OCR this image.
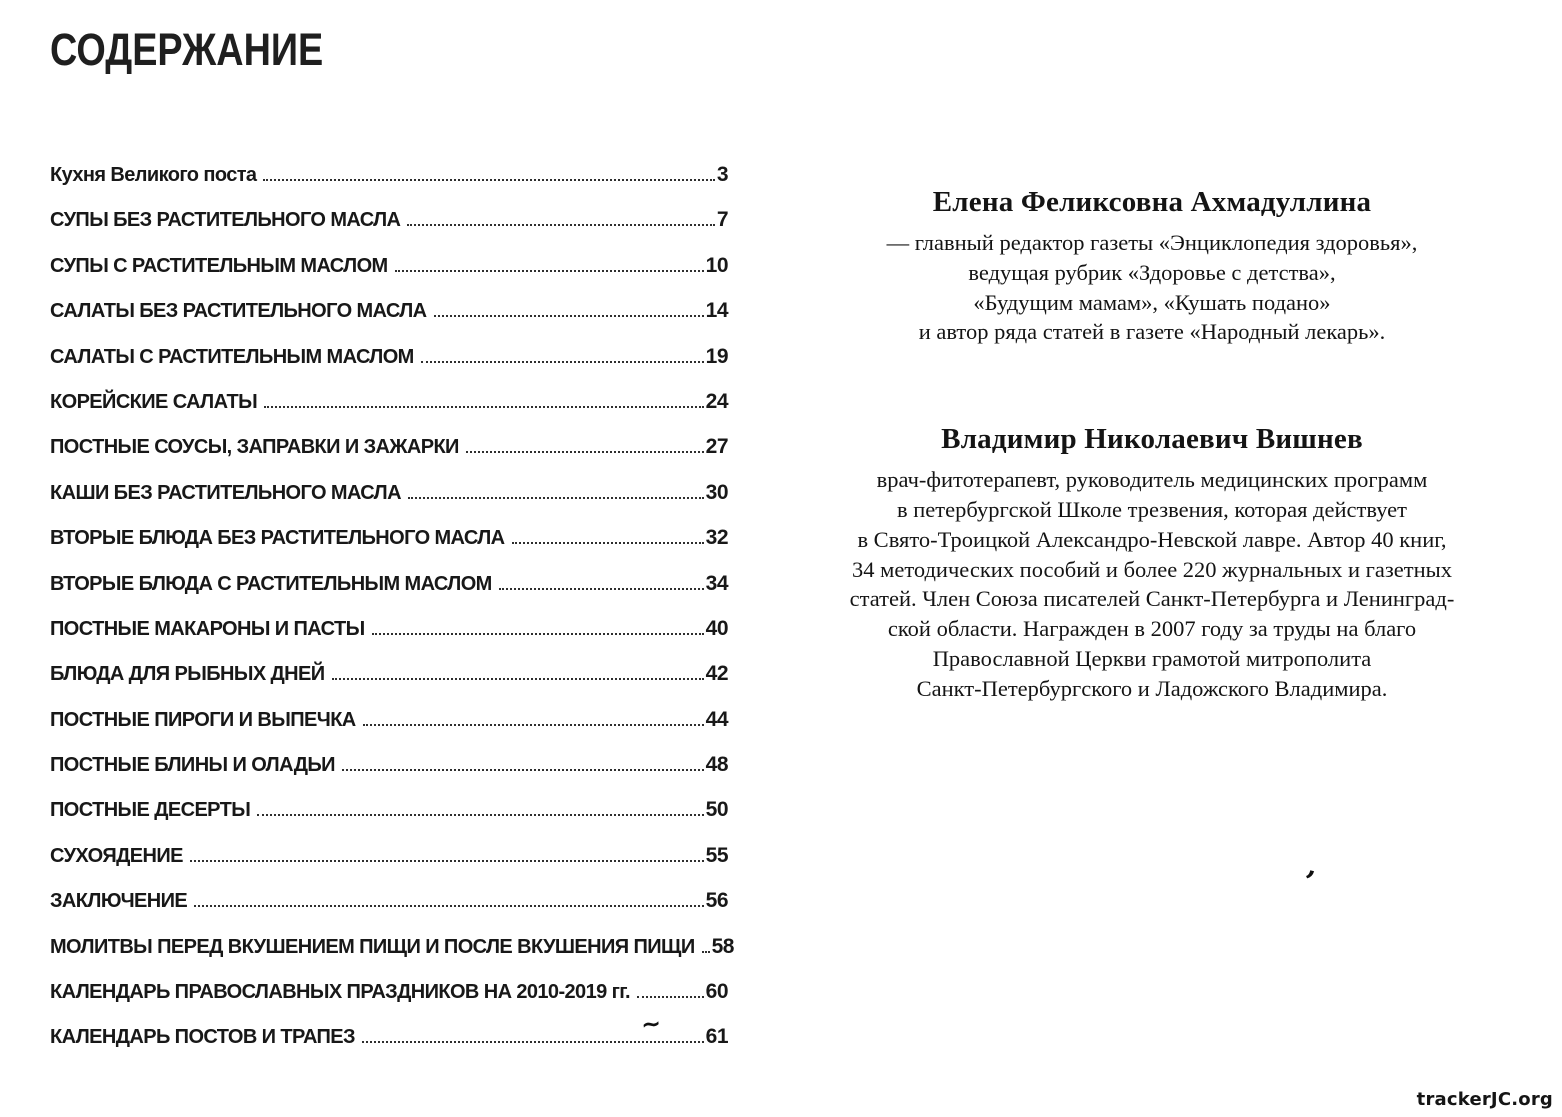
СОДЕРЖАНИЕ
Кухня Великого поста	3
СУПЫ БЕЗ РАСТИТЕЛЬНОГО МАСЛА	7
СУПЫ С РАСТИТЕЛЬНЫМ МАСЛОМ	10
САЛАТЫ БЕЗ РАСТИТЕЛЬНОГО МАСЛА	14
САЛАТЫ С РАСТИТЕЛЬНЫМ МАСЛОМ	19
КОРЕЙСКИЕ САЛАТЫ	24
ПОСТНЫЕ СОУСЫ, ЗАПРАВКИ И ЗАЖАРКИ	27
КАШИ БЕЗ РАСТИТЕЛЬНОГО МАСЛА	30
ВТОРЫЕ БЛЮДА БЕЗ РАСТИТЕЛЬНОГО МАСЛА	32
ВТОРЫЕ БЛЮДА С РАСТИТЕЛЬНЫМ МАСЛОМ	34
ПОСТНЫЕ МАКАРОНЫ И ПАСТЫ	40
БЛЮДА ДЛЯ РЫБНЫХ ДНЕЙ	42
ПОСТНЫЕ ПИРОГИ И ВЫПЕЧКА	44
ПОСТНЫЕ БЛИНЫ И ОЛАДЬИ	48
ПОСТНЫЕ ДЕСЕРТЫ	50
СУХОЯДЕНИЕ	55
ЗАКЛЮЧЕНИЕ	56
МОЛИТВЫ ПЕРЕД ВКУШЕНИЕМ ПИЩИ И ПОСЛЕ ВКУШЕНИЯ ПИЩИ 58
КАЛЕНДАРЬ ПРАВОСЛАВНЫХ ПРАЗДНИКОВ НА 2010-2019 гг.	60
КАЛЕНДАРЬ ПОСТОВ И ТРАПЕЗ	61
Елена Феликсовна Ахмадуллина
— главный редактор газеты «Энциклопедия здоровья»,
ведущая рубрик «Здоровье с детства»,
«Будущим мамам», «Кушать подано»
и автор ряда статей в газете «Народный лекарь».
Владимир Николаевич Вишнев
врач-фитотерапевт, руководитель медицинских программ
в петербургской Школе трезвения, которая действует
в Свято-Троицкой Александро-Невской лавре. Автор 40 книг,
34 методических пособий и более 220 журнальных и газетных
статей. Член Союза писателей Санкт-Петербурга и Ленинград-
ской области. Награжден в 2007 году за труды на благо
Православной Церкви грамотой митрополита
Санкт-Петербургского и Ладожского Владимира.
’
~
trackerJC.org
